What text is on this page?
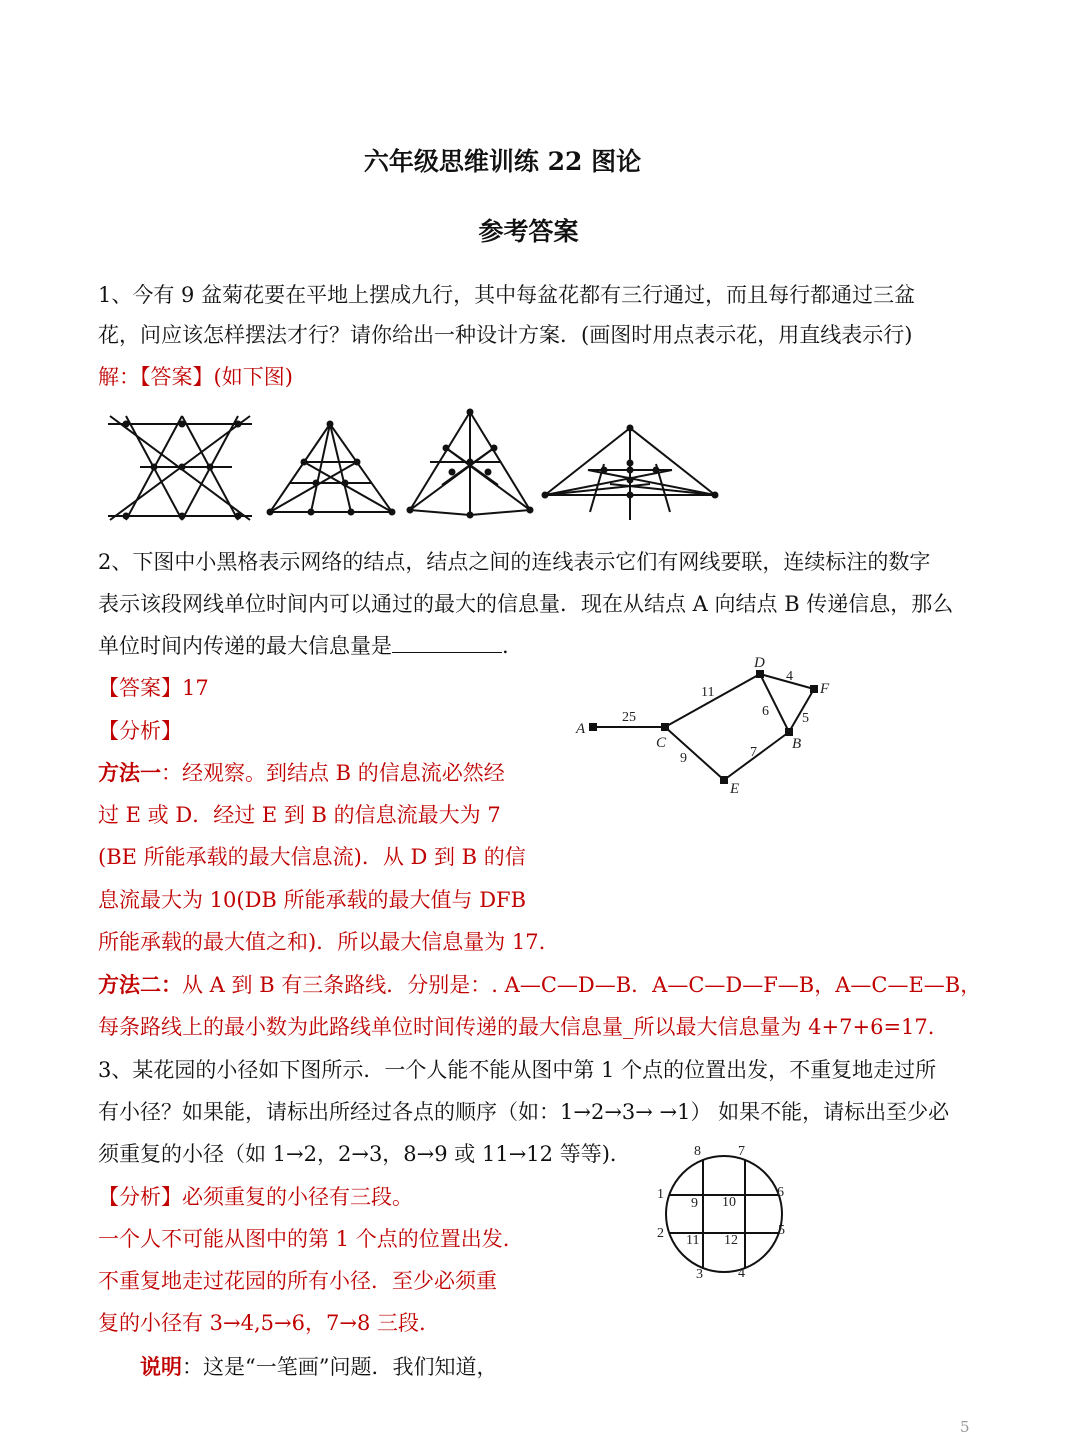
六年级思维训练 22 图论
参考答案
1、今有 9 盆菊花要在平地上摆成九行，其中每盆花都有三行通过，而且每行都通过三盆
花，问应该怎样摆法才行？请你给出一种设计方案．(画图时用点表示花，用直线表示行)
解：【答案】(如下图)
2、下图中小黑格表示网络的结点，结点之间的连线表示它们有网线要联，连续标注的数字
表示该段网线单位时间内可以通过的最大的信息量．现在从结点 A 向结点 B 传递信息，那么
单位时间内传递的最大信息量是	.
【答案】17
【分析】
方法一：经观察。到结点 B 的信息流必然经
过 E 或 D．经过 E 到 B 的信息流最大为 7
(BE 所能承载的最大信息流)．从 D 到 B 的信
息流最大为 10(DB 所能承载的最大值与 DFB
所能承载的最大值之和)．所以最大信息量为 17.
方法二：从 A 到 B 有三条路线．分别是：. A—C—D—B．A—C—D—F—B，A—C—E—B，
每条路线上的最小数为此路线单位时间传递的最大信息量_所以最大信息量为 4+7+6=17.
A
C
D
F
B
E
25
11
4
6 5
7
9
3、某花园的小径如下图所示．一个人能不能从图中第 1 个点的位置出发，不重复地走过所
有小径？如果能，请标出所经过各点的顺序（如：1→2→3→ →1） 如果不能，请标出至少必
须重复的小径（如 1→2，2→3，8→9 或 11→12 等等)．
【分析】必须重复的小径有三段。
一个人不可能从图中的第 1 个点的位置出发.
不重复地走过花园的所有小径．至少必须重
复的小径有 3→4,5→6，7→8 三段.
说明：这是“一笔画”问题．我们知道，
1
2
3	4
5
6
7
8
9 10
11 12
5
